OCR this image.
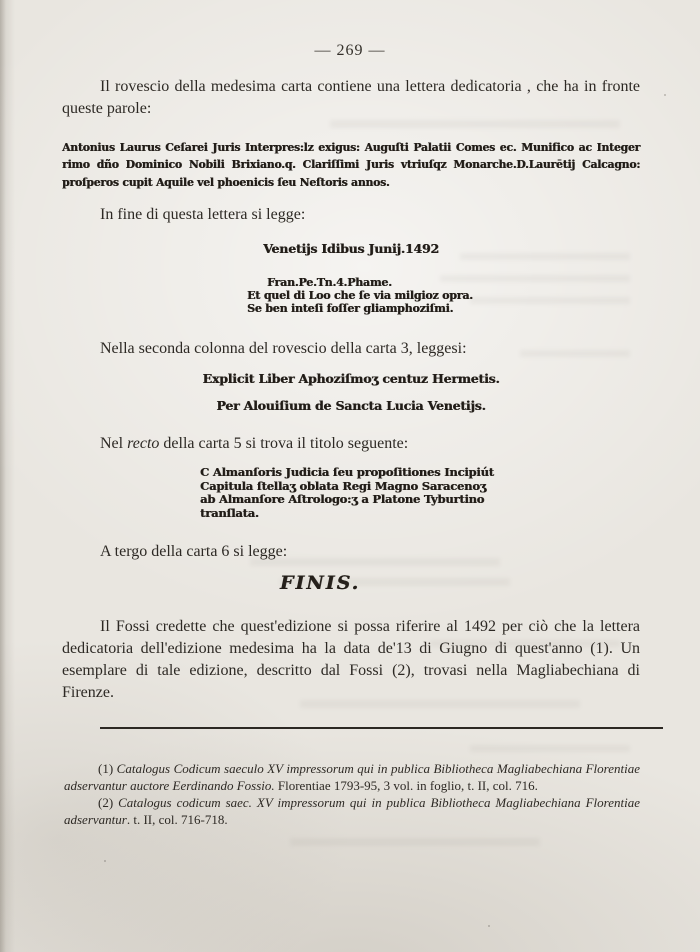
— 269 —

Il rovescio della medesima carta contiene una lettera dedicatoria , che ha in fronte queste parole:

Antonius Laurus Ceſarei Juris Interpres:lz exigus: Auguſti Palatii Comes ec. Munifico ac Integer
rimo dño Dominico Nobili Brixiano.q. Clariſſimi Juris vtriuſqz Monarche.D.Laurētij Calcagno:
proſperos cupit Aquile vel phoenicis ſeu Neſtoris annos.

In fine di questa lettera si legge:

Venetijs Idibus Junij.1492
Fran.Pe.Tn.4.Phame.
Et quel di Loo che ſe via milgioz opra.
Se ben inteſi foſſer gliamphoziſmi.

Nella seconda colonna del rovescio della carta 3, leggesi:

Explicit Liber Aphoziſmoʒ centuz Hermetis.
Per Alouiſium de Sancta Lucia Venetijs.

Nel recto della carta 5 si trova il titolo seguente:

C Almanſoris Judicia ſeu propoſitiones Incipiút
Capitula ſtellaʒ oblata Regi Magno Saracenoʒ
ab Almanſore Aſtrologo:ʒ a Platone Tyburtino
tranſlata.

A tergo della carta 6 si legge:

FINIS.

Il Fossi credette che quest'edizione si possa riferire al 1492 per ciò che la lettera dedicatoria dell'edizione medesima ha la data de'13 di Giugno di quest'anno (1). Un esemplare di tale edizione, descritto dal Fossi (2), trovasi nella Magliabechiana di Firenze.

(1) Catalogus Codicum saeculo XV impressorum qui in publica Bibliotheca Magliabechiana Florentiae adservantur auctore Eerdinando Fossio. Florentiae 1793-95, 3 vol. in foglio, t. II, col. 716.

(2) Catalogus codicum saec. XV impressorum qui in publica Bibliotheca Magliabechiana Florentiae adservantur. t. II, col. 716-718.
